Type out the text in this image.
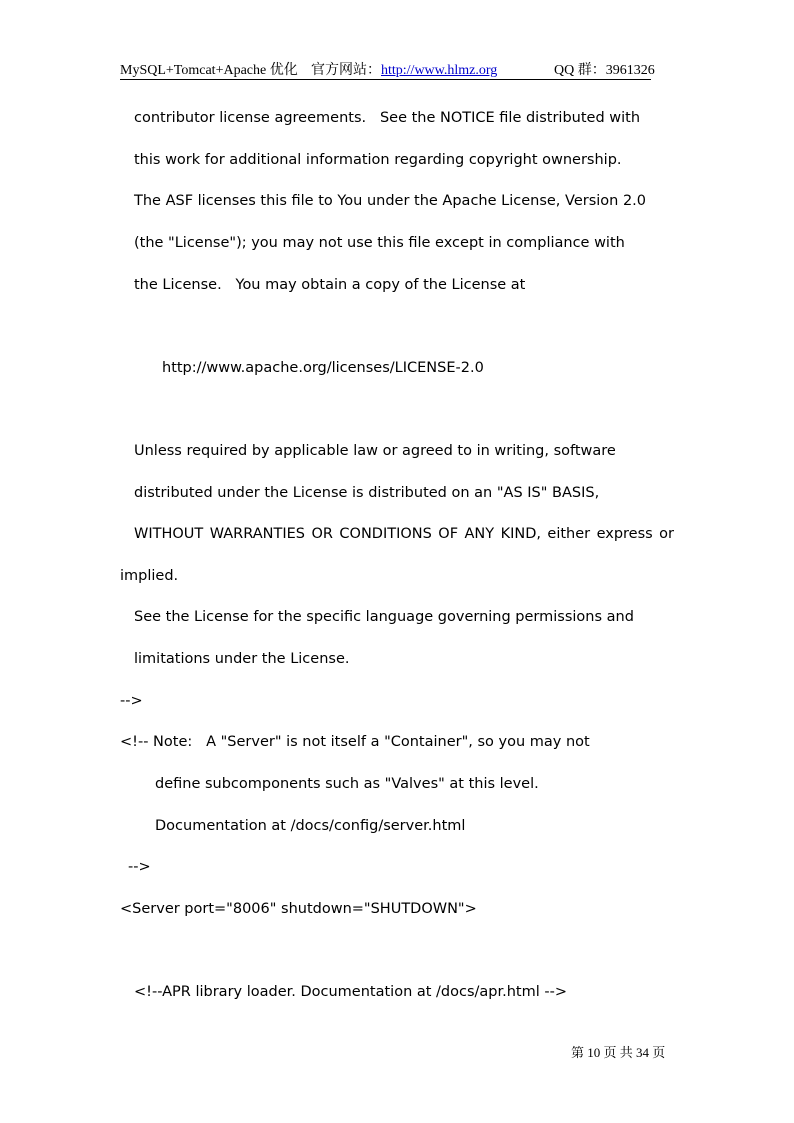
MySQL+Tomcat+Apache 优化 官方网站：http://www.hlmz.org	QQ 群：3961326
contributor license agreements.   See the NOTICE file distributed with
this work for additional information regarding copyright ownership.
The ASF licenses this file to You under the Apache License, Version 2.0
(the "License"); you may not use this file except in compliance with
the License.   You may obtain a copy of the License at
http://www.apache.org/licenses/LICENSE-2.0
Unless required by applicable law or agreed to in writing, software
distributed under the License is distributed on an "AS IS" BASIS,
WITHOUT WARRANTIES OR CONDITIONS OF ANY KIND, either express or
implied.
See the License for the specific language governing permissions and
limitations under the License.
-->
<!-- Note:   A "Server" is not itself a "Container", so you may not
define subcomponents such as "Valves" at this level.
Documentation at /docs/config/server.html
-->
<Server port="8006" shutdown="SHUTDOWN">
<!--APR library loader. Documentation at /docs/apr.html -->
第 10 页 共 34 页
